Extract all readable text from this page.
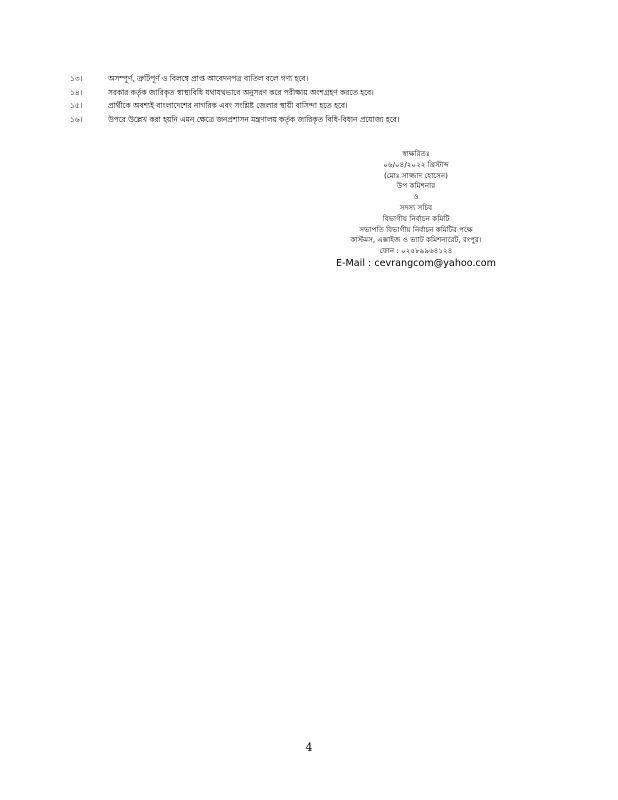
১৩।	অসম্পূর্ণ, ত্রুটিপূর্ণ ও বিলম্বে প্রাপ্ত আবেদনপত্র বাতিল বলে গণ্য হবে।
১৪।	সরকার কর্তৃক জারিকৃত স্বাস্থ্যবিধি যথাযথভাবে অনুসরণ করে পরীক্ষায় অংশগ্রহণ করতে হবে।
১৫।	প্রার্থীকে অবশ্যই বাংলাদেশের নাগরিক এবং সংশ্লিষ্ট জেলার স্থায়ী বাসিন্দা হতে হবে।
১৬।	উপরে উল্লেখ করা হয়নি এমন ক্ষেত্রে জনপ্রশাসন মন্ত্রণালয় কর্তৃক জারিকৃত বিধি-বিধান প্রযোজ্য হবে।
স্বাক্ষরিতঃ
০৬/০৪/২০২২ খ্রিস্টাব্দ
(মোঃ সাজ্জাদ হোসেন)
উপ কমিশনার
ও
সদস্য সচিব
বিভাগীয় নির্বাচন কমিটি
সভাপতি বিভাগীয় নির্বাচন কমিটির পক্ষে
কাস্টমস, এক্সাইজ ও ভ্যাট কমিশনারেট, রংপুর।
ফোন : ০২৫৮৯৯৬৪১২৪
E-Mail : cevrangcom@yahoo.com
4
